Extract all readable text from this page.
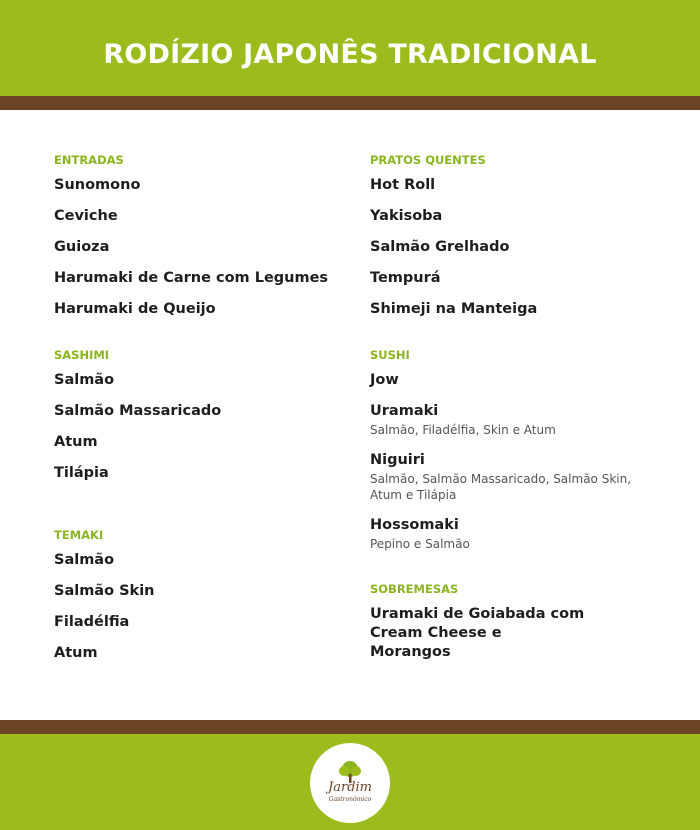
RODÍZIO JAPONÊS TRADICIONAL
ENTRADAS
Sunomono
Ceviche
Guioza
Harumaki de Carne com Legumes
Harumaki de Queijo
SASHIMI
Salmão
Salmão Massaricado
Atum
Tilápia
TEMAKI
Salmão
Salmão Skin
Filadélfia
Atum
PRATOS QUENTES
Hot Roll
Yakisoba
Salmão Grelhado
Tempurá
Shimeji na Manteiga
SUSHI
Jow
Uramaki
Salmão, Filadélfia, Skin e Atum
Niguiri
Salmão, Salmão Massaricado, Salmão Skin, Atum e Tilápia
Hossomaki
Pepino e Salmão
SOBREMESAS
Uramaki de Goiabada com Cream Cheese e Morangos
Jardim
Gastronômico
